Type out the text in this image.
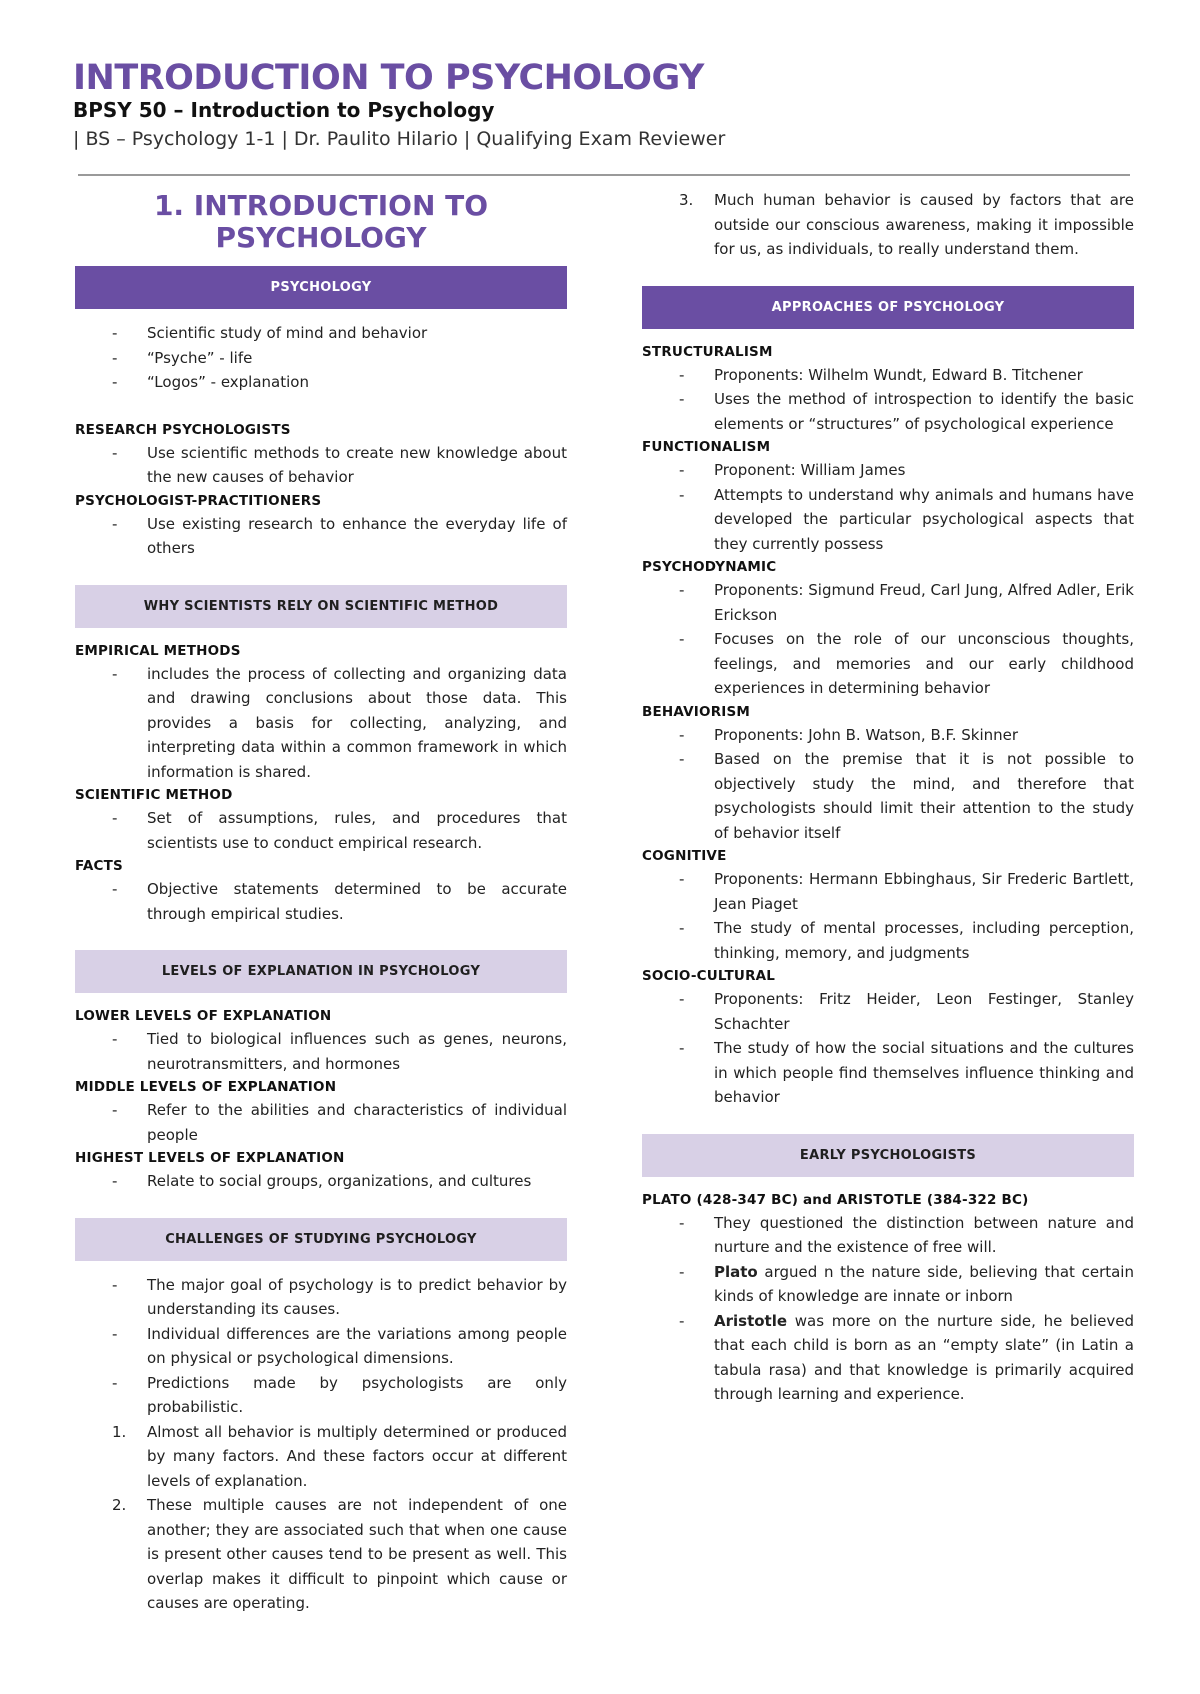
INTRODUCTION TO PSYCHOLOGY
BPSY 50 – Introduction to Psychology
| BS – Psychology 1-1 | Dr. Paulito Hilario | Qualifying Exam Reviewer
1. INTRODUCTION TO
PSYCHOLOGY
PSYCHOLOGY
- Scientific study of mind and behavior
- “Psyche” - life
- “Logos” - explanation
RESEARCH PSYCHOLOGISTS
- Use scientific methods to create new knowledge about the new causes of behavior
PSYCHOLOGIST-PRACTITIONERS
- Use existing research to enhance the everyday life of others
WHY SCIENTISTS RELY ON SCIENTIFIC METHOD
EMPIRICAL METHODS
- includes the process of collecting and organizing data and drawing conclusions about those data. This provides a basis for collecting, analyzing, and interpreting data within a common framework in which information is shared.
SCIENTIFIC METHOD
- Set of assumptions, rules, and procedures that scientists use to conduct empirical research.
FACTS
- Objective statements determined to be accurate through empirical studies.
LEVELS OF EXPLANATION IN PSYCHOLOGY
LOWER LEVELS OF EXPLANATION
- Tied to biological influences such as genes, neurons, neurotransmitters, and hormones
MIDDLE LEVELS OF EXPLANATION
- Refer to the abilities and characteristics of individual people
HIGHEST LEVELS OF EXPLANATION
- Relate to social groups, organizations, and cultures
CHALLENGES OF STUDYING PSYCHOLOGY
- The major goal of psychology is to predict behavior by understanding its causes.
- Individual differences are the variations among people on physical or psychological dimensions.
- Predictions made by psychologists are only probabilistic.
1. Almost all behavior is multiply determined or produced by many factors. And these factors occur at different levels of explanation.
2. These multiple causes are not independent of one another; they are associated such that when one cause is present other causes tend to be present as well. This overlap makes it difficult to pinpoint which cause or causes are operating.
3. Much human behavior is caused by factors that are outside our conscious awareness, making it impossible for us, as individuals, to really understand them.
APPROACHES OF PSYCHOLOGY
STRUCTURALISM
- Proponents: Wilhelm Wundt, Edward B. Titchener
- Uses the method of introspection to identify the basic elements or “structures” of psychological experience
FUNCTIONALISM
- Proponent: William James
- Attempts to understand why animals and humans have developed the particular psychological aspects that they currently possess
PSYCHODYNAMIC
- Proponents: Sigmund Freud, Carl Jung, Alfred Adler, Erik Erickson
- Focuses on the role of our unconscious thoughts, feelings, and memories and our early childhood experiences in determining behavior
BEHAVIORISM
- Proponents: John B. Watson, B.F. Skinner
- Based on the premise that it is not possible to objectively study the mind, and therefore that psychologists should limit their attention to the study of behavior itself
COGNITIVE
- Proponents: Hermann Ebbinghaus, Sir Frederic Bartlett, Jean Piaget
- The study of mental processes, including perception, thinking, memory, and judgments
SOCIO-CULTURAL
- Proponents: Fritz Heider, Leon Festinger, Stanley Schachter
- The study of how the social situations and the cultures in which people find themselves influence thinking and behavior
EARLY PSYCHOLOGISTS
PLATO (428-347 BC) and ARISTOTLE (384-322 BC)
- They questioned the distinction between nature and nurture and the existence of free will.
- Plato argued n the nature side, believing that certain kinds of knowledge are innate or inborn
- Aristotle was more on the nurture side, he believed that each child is born as an “empty slate” (in Latin a tabula rasa) and that knowledge is primarily acquired through learning and experience.
